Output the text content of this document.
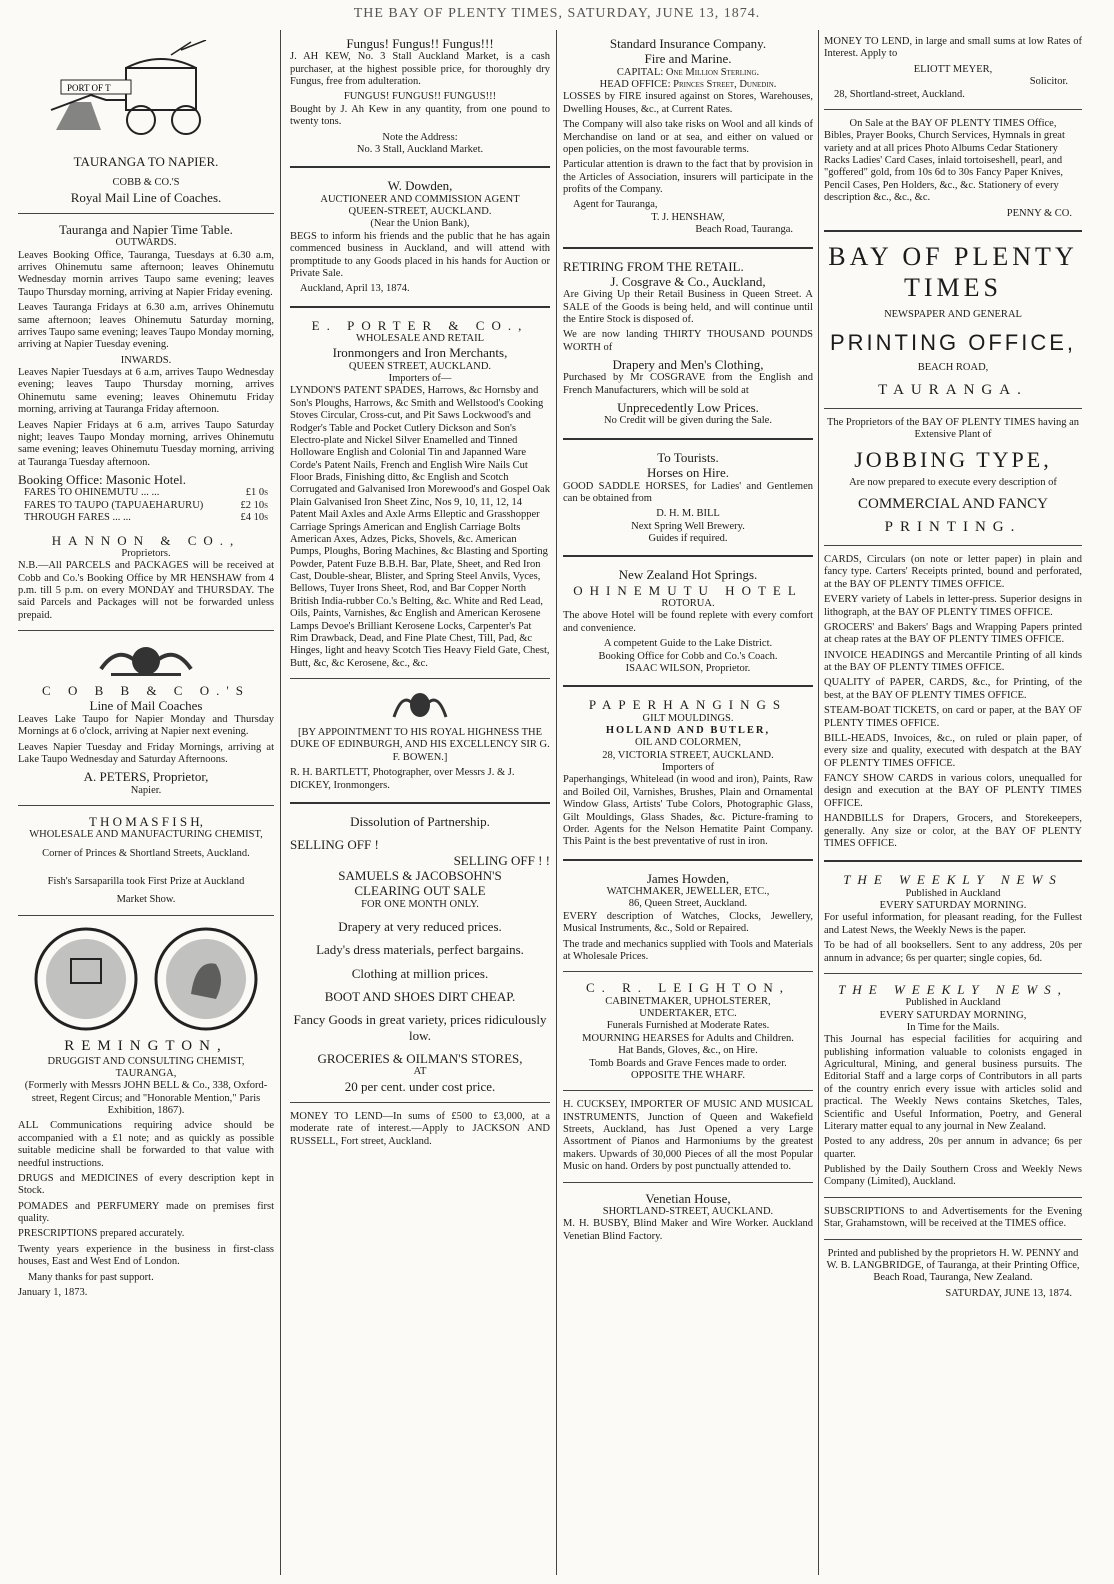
THE BAY OF PLENTY TIMES, SATURDAY, JUNE 13, 1874.
PORT OF T
TAURANGA TO NAPIER.
COBB & CO.'S
Royal Mail Line of Coaches.
Tauranga and Napier Time Table.
OUTWARDS.

Leaves Booking Office, Tauranga, Tuesdays at 6.30 a.m, arrives Ohinemutu same afternoon; leaves Ohinemutu Wednesday mornin arrives Taupo same evening; leaves Taupo Thursday morning, arriving at Napier Friday evening.

Leaves Tauranga Fridays at 6.30 a.m, arrives Ohinemutu same afternoon; leaves Ohinemutu Saturday morning, arrives Taupo same evening; leaves Taupo Monday morning, arriving at Napier Tuesday evening.

INWARDS.

Leaves Napier Tuesdays at 6 a.m, arrives Taupo Wednesday evening; leaves Taupo Thursday morning, arrives Ohinemutu same evening; leaves Ohinemutu Friday morning, arriving at Tauranga Friday afternoon.

Leaves Napier Fridays at 6 a.m, arrives Taupo Saturday night; leaves Taupo Monday morning, arrives Ohinemutu same evening; leaves Ohinemutu Tuesday morning, arriving at Tauranga Tuesday afternoon.

Booking Office: Masonic Hotel.
FARES TO OHINEMUTU ... ...	£1 0s
FARES TO TAUPO (TAPUAEHARURU)	£2 10s
THROUGH FARES ... ...	£4 10s
HANNON & CO.,
Proprietors.

N.B.—All PARCELS and PACKAGES will be received at Cobb and Co.'s Booking Office by MR HENSHAW from 4 p.m. till 5 p.m. on every MONDAY and THURSDAY. The said Parcels and Packages will not be forwarded unless prepaid.

C O B B & C O.'S
Line of Mail Coaches

Leaves Lake Taupo for Napier Monday and Thursday Mornings at 6 o'clock, arriving at Napier next evening.

Leaves Napier Tuesday and Friday Mornings, arriving at Lake Taupo Wednesday and Saturday Afternoons.

A. PETERS, Proprietor,
Napier.
T H O M A S F I S H,
WHOLESALE AND MANUFACTURING CHEMIST,
Corner of Princes & Shortland Streets, Auckland.
Fish's Sarsaparilla took First Prize at Auckland
Market Show.
REMINGTON,
DRUGGIST AND CONSULTING CHEMIST,
TAURANGA,

(Formerly with Messrs JOHN BELL & Co., 338, Oxford-street, Regent Circus; and "Honorable Mention," Paris Exhibition, 1867).

ALL Communications requiring advice should be accompanied with a £1 note; and as quickly as possible suitable medicine shall be forwarded to that value with needful instructions.

DRUGS and MEDICINES of every description kept in Stock.

POMADES and PERFUMERY made on premises first quality.

PRESCRIPTIONS prepared accurately.

Twenty years experience in the business in first-class houses, East and West End of London.

Many thanks for past support.

January 1, 1873.

Fungus! Fungus!! Fungus!!!

J. AH KEW, No. 3 Stall Auckland Market, is a cash purchaser, at the highest possible price, for thoroughly dry Fungus, free from adulteration.

FUNGUS! FUNGUS!! FUNGUS!!!

Bought by J. Ah Kew in any quantity, from one pound to twenty tons.

Note the Address:
No. 3 Stall, Auckland Market.
W. Dowden,
AUCTIONEER AND COMMISSION AGENT
QUEEN-STREET, AUCKLAND.
(Near the Union Bank),

BEGS to inform his friends and the public that he has again commenced business in Auckland, and will attend with promptitude to any Goods placed in his hands for Auction or Private Sale.

Auckland, April 13, 1874.

E. PORTER & CO.,
WHOLESALE AND RETAIL
Ironmongers and Iron Merchants,
QUEEN STREET, AUCKLAND.
Importers of—

LYNDON'S PATENT SPADES, Harrows, &c Hornsby and Son's Ploughs, Harrows, &c Smith and Wellstood's Cooking Stoves Circular, Cross-cut, and Pit Saws Lockwood's and Rodger's Table and Pocket Cutlery Dickson and Son's Electro-plate and Nickel Silver Enamelled and Tinned Holloware English and Colonial Tin and Japanned Ware Corde's Patent Nails, French and English Wire Nails Cut Floor Brads, Finishing ditto, &c English and Scotch Corrugated and Galvanised Iron Morewood's and Gospel Oak Plain Galvanised Iron Sheet Zinc, Nos 9, 10, 11, 12, 14 Patent Mail Axles and Axle Arms Elleptic and Grasshopper Carriage Springs American and English Carriage Bolts American Axes, Adzes, Picks, Shovels, &c. American Pumps, Ploughs, Boring Machines, &c Blasting and Sporting Powder, Patent Fuze B.B.H. Bar, Plate, Sheet, and Red Iron Cast, Double-shear, Blister, and Spring Steel Anvils, Vyces, Bellows, Tuyer Irons Sheet, Rod, and Bar Copper North British India-rubber Co.'s Belting, &c. White and Red Lead, Oils, Paints, Varnishes, &c English and American Kerosene Lamps Devoe's Brilliant Kerosene Locks, Carpenter's Pat Rim Drawback, Dead, and Fine Plate Chest, Till, Pad, &c Hinges, light and heavy Scotch Ties Heavy Field Gate, Chest, Butt, &c, &c Kerosene, &c., &c.

[BY APPOINTMENT TO HIS ROYAL HIGHNESS THE DUKE OF EDINBURGH, AND HIS EXCELLENCY SIR G. F. BOWEN.]

R. H. BARTLETT, Photographer, over Messrs J. & J. DICKEY, Ironmongers.

Dissolution of Partnership.
SELLING OFF !
SELLING OFF ! !
SAMUELS & JACOBSOHN'S
CLEARING OUT SALE
FOR ONE MONTH ONLY.
Drapery at very reduced prices.
Lady's dress materials, perfect bargains.
Clothing at million prices.
BOOT AND SHOES DIRT CHEAP.
Fancy Goods in great variety, prices ridiculously low.
GROCERIES & OILMAN'S STORES,
AT
20 per cent. under cost price.

MONEY TO LEND—In sums of £500 to £3,000, at a moderate rate of interest.—Apply to JACKSON AND RUSSELL, Fort street, Auckland.

Standard Insurance Company.
Fire and Marine.
CAPITAL: One Million Sterling.
HEAD OFFICE: Princes Street, Dunedin.

LOSSES by FIRE insured against on Stores, Warehouses, Dwelling Houses, &c., at Current Rates.

The Company will also take risks on Wool and all kinds of Merchandise on land or at sea, and either on valued or open policies, on the most favourable terms.

Particular attention is drawn to the fact that by provision in the Articles of Association, insurers will participate in the profits of the Company.

Agent for Tauranga,
T. J. HENSHAW,
Beach Road, Tauranga.
RETIRING FROM THE RETAIL.
J. Cosgrave & Co., Auckland,

Are Giving Up their Retail Business in Queen Street. A SALE of the Goods is being held, and will continue until the Entire Stock is disposed of.

We are now landing THIRTY THOUSAND POUNDS WORTH of

Drapery and Men's Clothing,

Purchased by Mr COSGRAVE from the English and French Manufacturers, which will be sold at

Unprecedently Low Prices.
No Credit will be given during the Sale.
To Tourists.
Horses on Hire.

GOOD SADDLE HORSES, for Ladies' and Gentlemen can be obtained from

D. H. M. BILL
Next Spring Well Brewery.
Guides if required.
New Zealand Hot Springs.
OHINEMUTU HOTEL
ROTORUA.

The above Hotel will be found replete with every comfort and convenience.

A competent Guide to the Lake District.
Booking Office for Cobb and Co.'s Coach.
ISAAC WILSON, Proprietor.
PAPERHANGINGS
GILT MOULDINGS.
HOLLAND AND BUTLER,
OIL AND COLORMEN,
28, VICTORIA STREET, AUCKLAND.
Importers of

Paperhangings, Whitelead (in wood and iron), Paints, Raw and Boiled Oil, Varnishes, Brushes, Plain and Ornamental Window Glass, Artists' Tube Colors, Photographic Glass, Gilt Mouldings, Glass Shades, &c. Picture-framing to Order. Agents for the Nelson Hematite Paint Company. This Paint is the best preventative of rust in iron.

James Howden,
WATCHMAKER, JEWELLER, ETC.,
86, Queen Street, Auckland.

EVERY description of Watches, Clocks, Jewellery, Musical Instruments, &c., Sold or Repaired.

The trade and mechanics supplied with Tools and Materials at Wholesale Prices.

C. R. LEIGHTON,
CABINETMAKER, UPHOLSTERER,
UNDERTAKER, ETC.
Funerals Furnished at Moderate Rates.
MOURNING HEARSES for Adults and Children.
Hat Bands, Gloves, &c., on Hire.
Tomb Boards and Grave Fences made to order.
OPPOSITE THE WHARF.

H. CUCKSEY, IMPORTER OF MUSIC AND MUSICAL INSTRUMENTS, Junction of Queen and Wakefield Streets, Auckland, has Just Opened a very Large Assortment of Pianos and Harmoniums by the greatest makers. Upwards of 30,000 Pieces of all the most Popular Music on hand. Orders by post punctually attended to.

Venetian House,
SHORTLAND-STREET, AUCKLAND.

M. H. BUSBY, Blind Maker and Wire Worker. Auckland Venetian Blind Factory.

MONEY TO LEND, in large and small sums at low Rates of Interest. Apply to

ELIOTT MEYER,
Solicitor.
28, Shortland-street, Auckland.
On Sale at the BAY OF PLENTY TIMES Office,

Bibles, Prayer Books, Church Services, Hymnals in great variety and at all prices Photo Albums Cedar Stationery Racks Ladies' Card Cases, inlaid tortoiseshell, pearl, and "goffered" gold, from 10s 6d to 30s Fancy Paper Knives, Pencil Cases, Pen Holders, &c., &c. Stationery of every description &c., &c., &c.

PENNY & CO.
BAY OF PLENTY
TIMES
NEWSPAPER AND GENERAL
PRINTING OFFICE,
BEACH ROAD,
TAURANGA.

The Proprietors of the BAY OF PLENTY TIMES having an Extensive Plant of

JOBBING TYPE,

Are now prepared to execute every description of

COMMERCIAL AND FANCY
PRINTING.

CARDS, Circulars (on note or letter paper) in plain and fancy type. Carters' Receipts printed, bound and perforated, at the BAY OF PLENTY TIMES OFFICE.

EVERY variety of Labels in letter-press. Superior designs in lithograph, at the BAY OF PLENTY TIMES OFFICE.

GROCERS' and Bakers' Bags and Wrapping Papers printed at cheap rates at the BAY OF PLENTY TIMES OFFICE.

INVOICE HEADINGS and Mercantile Printing of all kinds at the BAY OF PLENTY TIMES OFFICE.

QUALITY of PAPER, CARDS, &c., for Printing, of the best, at the BAY OF PLENTY TIMES OFFICE.

STEAM-BOAT TICKETS, on card or paper, at the BAY OF PLENTY TIMES OFFICE.

BILL-HEADS, Invoices, &c., on ruled or plain paper, of every size and quality, executed with despatch at the BAY OF PLENTY TIMES OFFICE.

FANCY SHOW CARDS in various colors, unequalled for design and execution at the BAY OF PLENTY TIMES OFFICE.

HANDBILLS for Drapers, Grocers, and Storekeepers, generally. Any size or color, at the BAY OF PLENTY TIMES OFFICE.

THE WEEKLY NEWS
Published in Auckland
EVERY SATURDAY MORNING.

For useful information, for pleasant reading, for the Fullest and Latest News, the Weekly News is the paper.

To be had of all booksellers. Sent to any address, 20s per annum in advance; 6s per quarter; single copies, 6d.

THE WEEKLY NEWS,
Published in Auckland
EVERY SATURDAY MORNING,
In Time for the Mails.

This Journal has especial facilities for acquiring and publishing information valuable to colonists engaged in Agricultural, Mining, and general business pursuits. The Editorial Staff and a large corps of Contributors in all parts of the country enrich every issue with articles solid and practical. The Weekly News contains Sketches, Tales, Scientific and Useful Information, Poetry, and General Literary matter equal to any journal in New Zealand.

Posted to any address, 20s per annum in advance; 6s per quarter.

Published by the Daily Southern Cross and Weekly News Company (Limited), Auckland.

SUBSCRIPTIONS to and Advertisements for the Evening Star, Grahamstown, will be received at the TIMES office.

Printed and published by the proprietors H. W. PENNY and W. B. LANGBRIDGE, of Tauranga, at their Printing Office, Beach Road, Tauranga, New Zealand.

SATURDAY, JUNE 13, 1874.
